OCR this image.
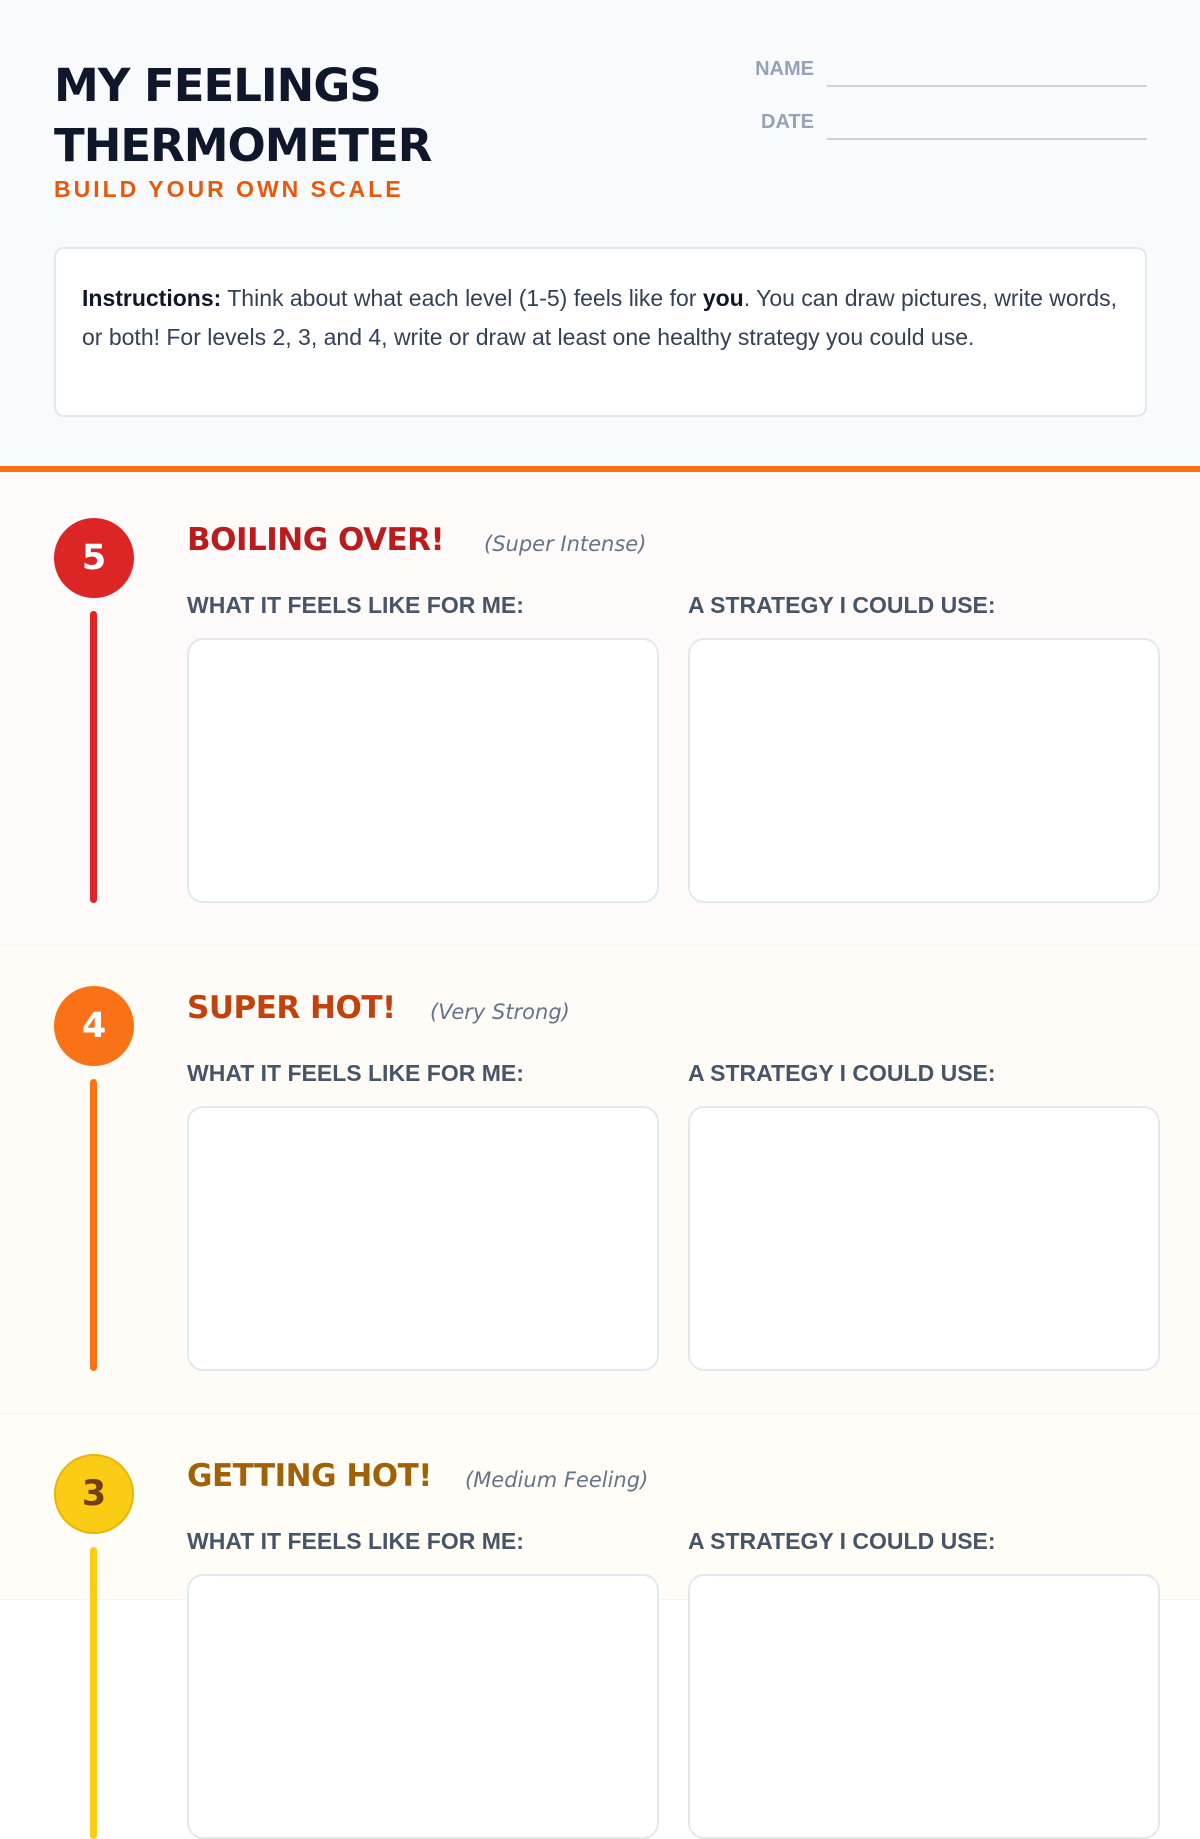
MY FEELINGS
THERMOMETER
BUILD YOUR OWN SCALE
NAME
DATE
Instructions: Think about what each level (1-5) feels like for you. You can draw pictures, write words, or both! For levels 2, 3, and 4, write or draw at least one healthy strategy you could use.
5	BOILING OVER! (Super Intense)
WHAT IT FEELS LIKE FOR ME:	A STRATEGY I COULD USE:
4	SUPER HOT! (Very Strong)
WHAT IT FEELS LIKE FOR ME:	A STRATEGY I COULD USE:
3	GETTING HOT! (Medium Feeling)
WHAT IT FEELS LIKE FOR ME:	A STRATEGY I COULD USE:
